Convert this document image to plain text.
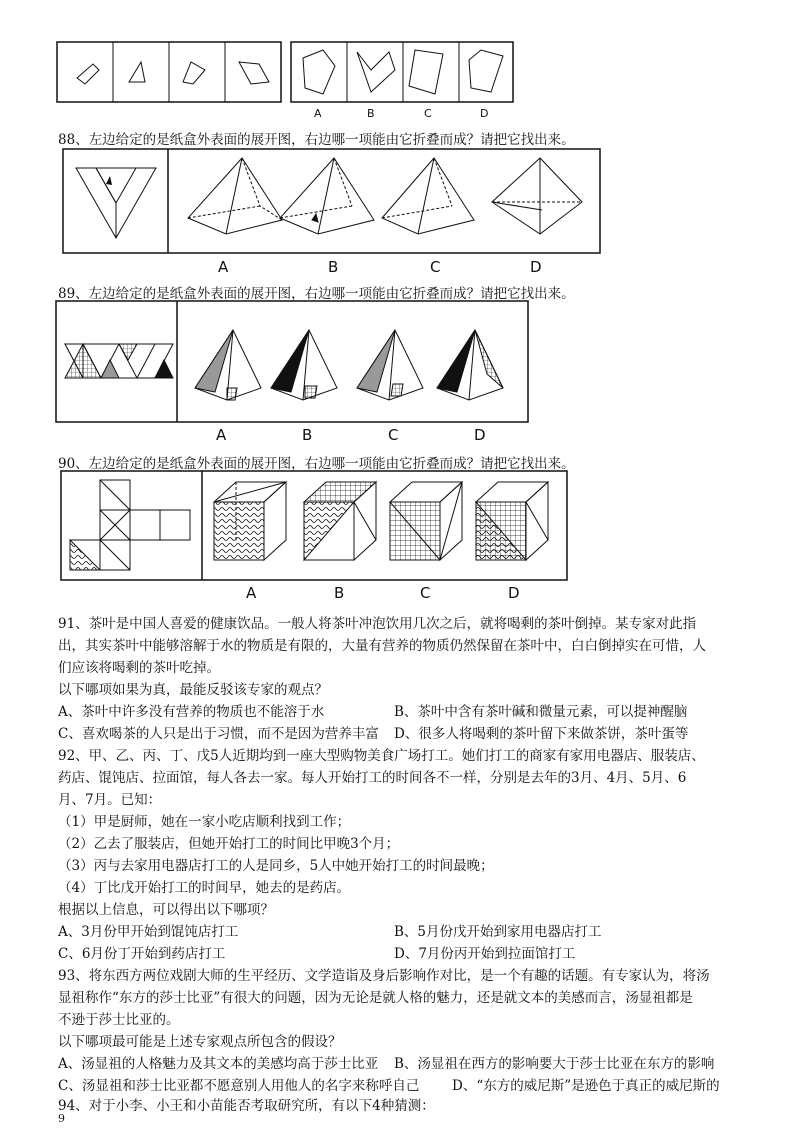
A	B	C	D
88、左边给定的是纸盒外表面的展开图，右边哪一项能由它折叠而成？请把它找出来。
A	B	C	D
89、左边给定的是纸盒外表面的展开图，右边哪一项能由它折叠而成？请把它找出来。
A	B	C	D
90、左边给定的是纸盒外表面的展开图，右边哪一项能由它折叠而成？请把它找出来。
A	B	C	D
91、茶叶是中国人喜爱的健康饮品。一般人将茶叶冲泡饮用几次之后，就将喝剩的茶叶倒掉。某专家对此指
出，其实茶叶中能够溶解于水的物质是有限的，大量有营养的物质仍然保留在茶叶中，白白倒掉实在可惜，人
们应该将喝剩的茶叶吃掉。
以下哪项如果为真，最能反驳该专家的观点？
A、茶叶中许多没有营养的物质也不能溶于水	B、茶叶中含有茶叶碱和微量元素，可以提神醒脑
C、喜欢喝茶的人只是出于习惯，而不是因为营养丰富 D、很多人将喝剩的茶叶留下来做茶饼，茶叶蛋等
92、甲、乙、丙、丁、戊5人近期均到一座大型购物美食广场打工。她们打工的商家有家用电器店、服装店、
药店、馄饨店、拉面馆，每人各去一家。每人开始打工的时间各不一样，分别是去年的3月、4月、5月、6
月、7月。已知：
（1）甲是厨师，她在一家小吃店顺利找到工作；
（2）乙去了服装店，但她开始打工的时间比甲晚3个月；
（3）丙与去家用电器店打工的人是同乡，5人中她开始打工的时间最晚；
（4）丁比戊开始打工的时间早，她去的是药店。
根据以上信息，可以得出以下哪项？
A、3月份甲开始到馄饨店打工	B、5月份戊开始到家用电器店打工
C、6月份丁开始到药店打工	D、7月份丙开始到拉面馆打工
93、将东西方两位戏剧大师的生平经历、文学造诣及身后影响作对比，是一个有趣的话题。有专家认为，将汤
显祖称作“东方的莎士比亚”有很大的问题，因为无论是就人格的魅力，还是就文本的美感而言，汤显祖都是
不逊于莎士比亚的。
以下哪项最可能是上述专家观点所包含的假设？
A、汤显祖的人格魅力及其文本的美感均高于莎士比亚 B、汤显祖在西方的影响要大于莎士比亚在东方的影响
C、汤显祖和莎士比亚都不愿意别人用他人的名字来称呼自己 D、“东方的威尼斯”是逊色于真正的威尼斯的
94、对于小李、小王和小苗能否考取研究所，有以下4种猜测：
9
